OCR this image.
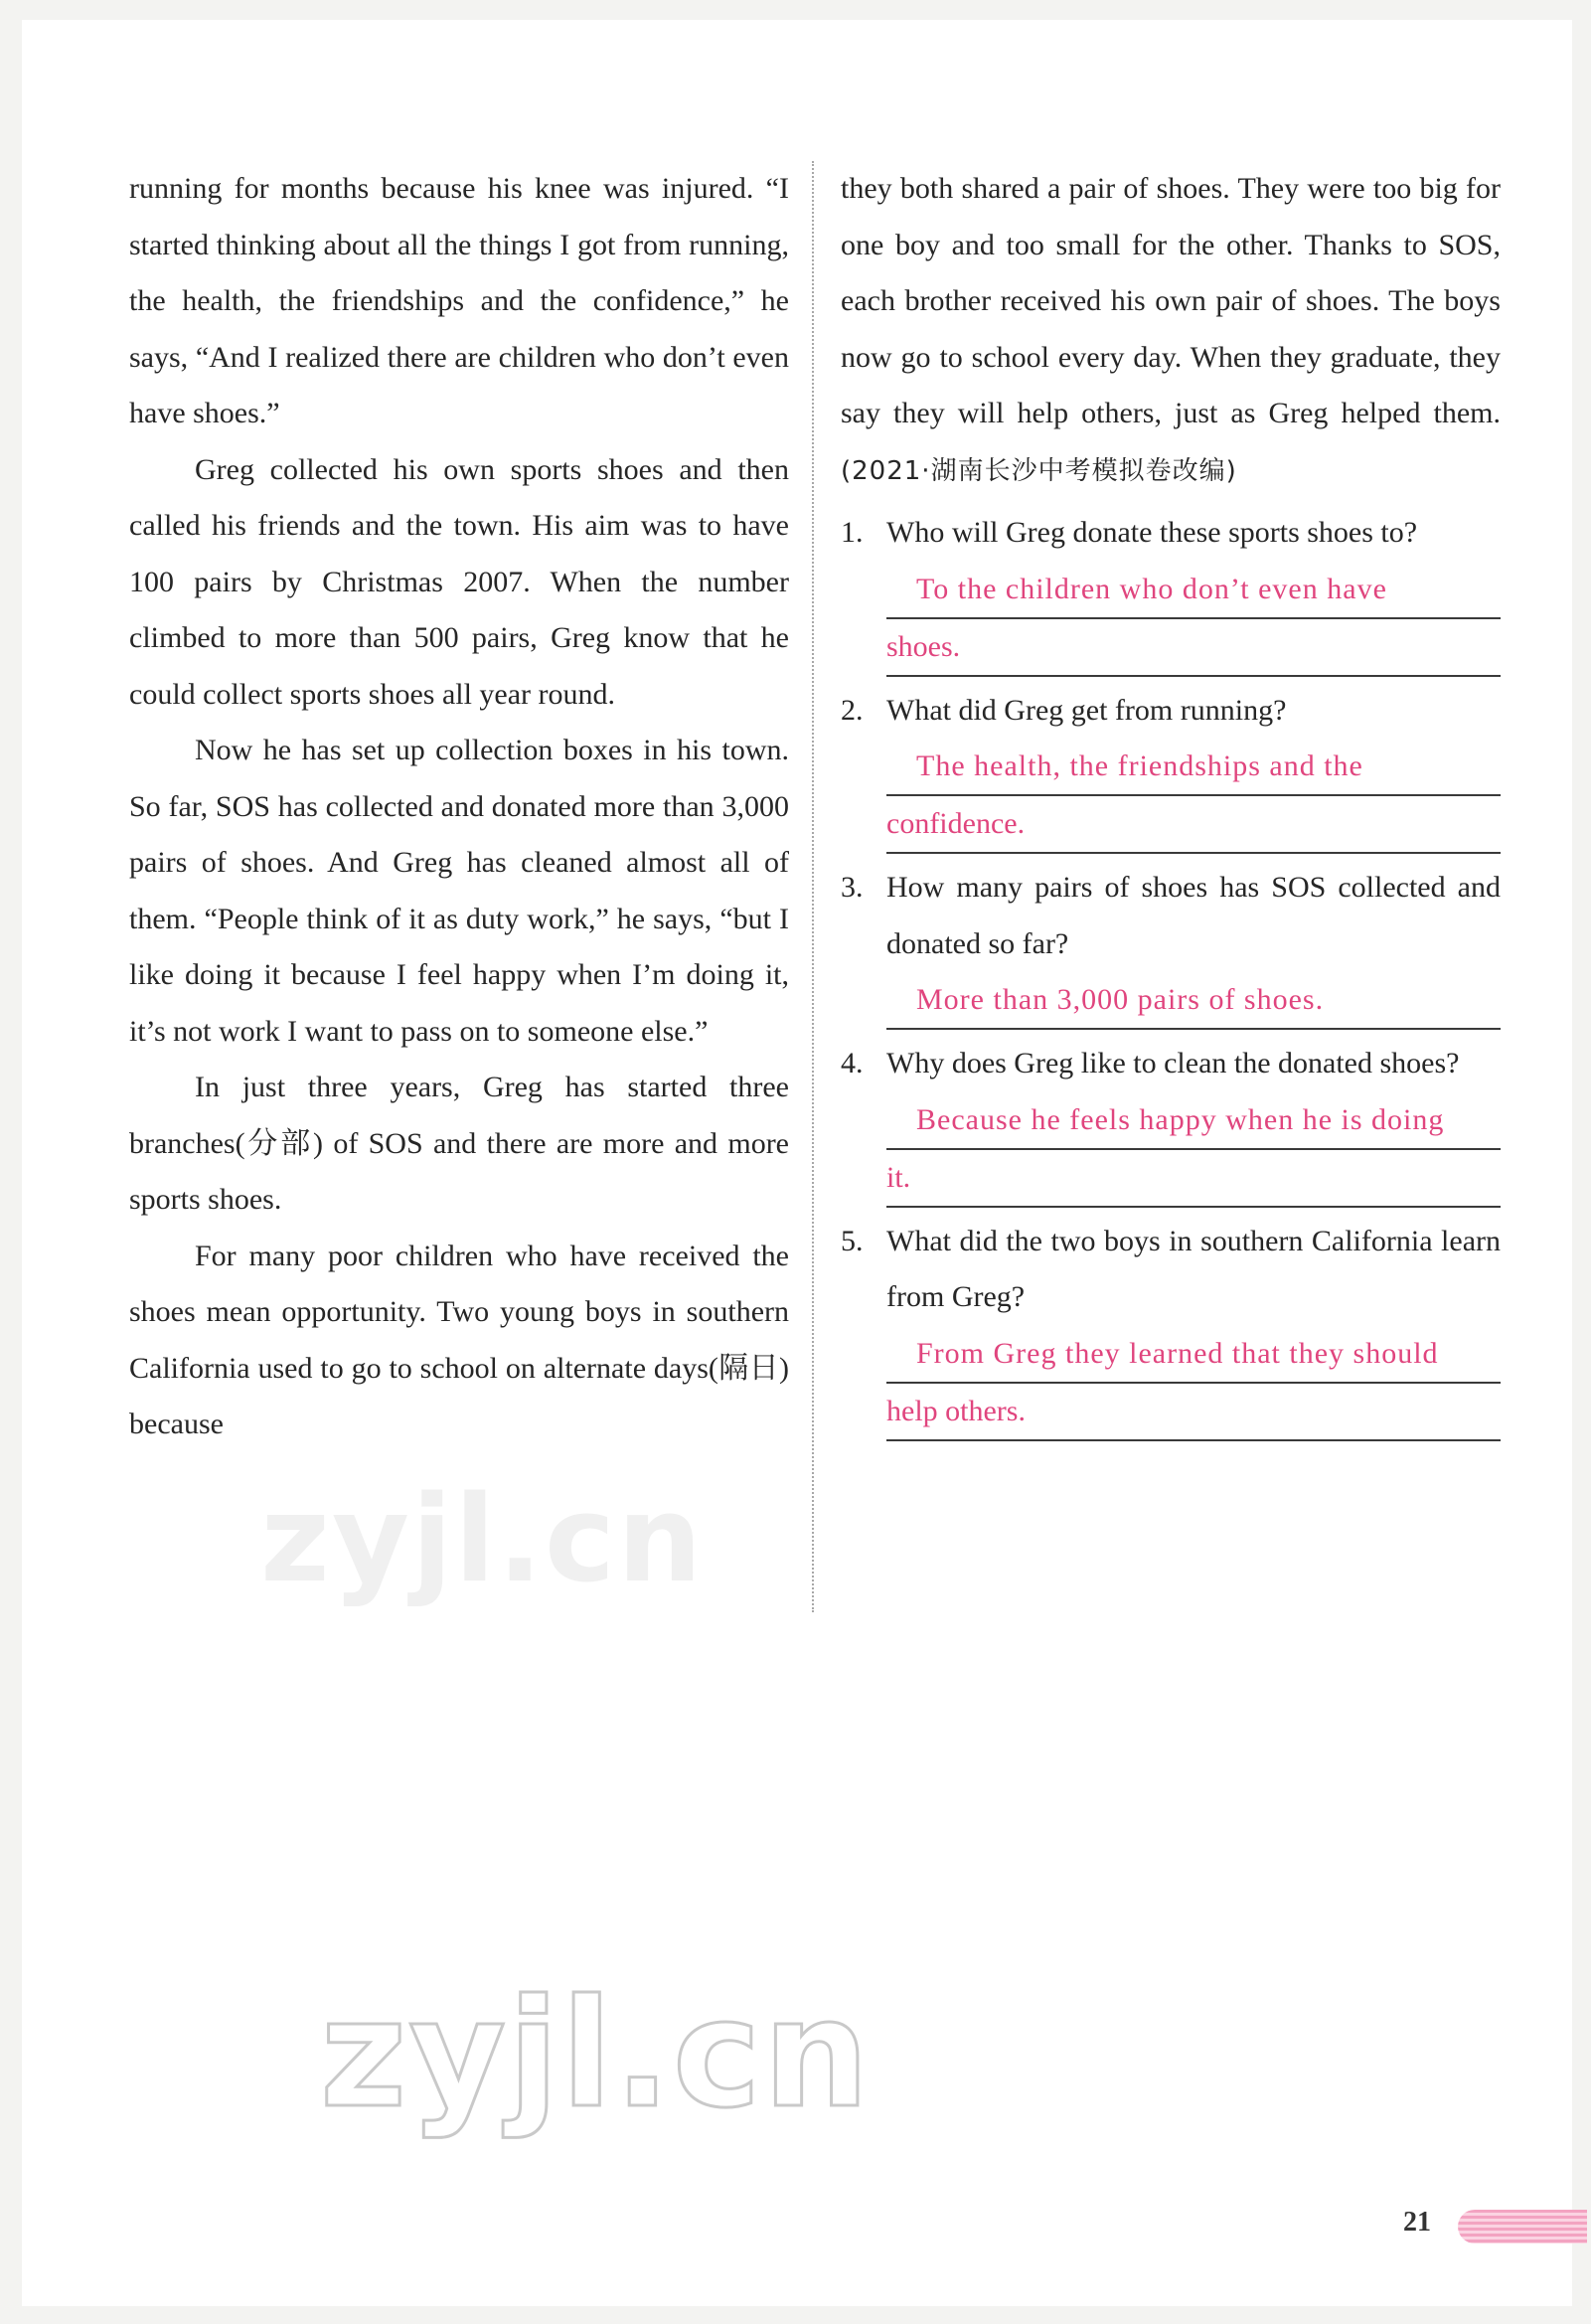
running for months because his knee was injured. “I started thinking about all the things I got from running, the health, the friendships and the confidence,” he says, “And I realized there are children who don’t even have shoes.”

Greg collected his own sports shoes and then called his friends and the town. His aim was to have 100 pairs by Christmas 2007. When the number climbed to more than 500 pairs, Greg know that he could collect sports shoes all year round.

Now he has set up collection boxes in his town. So far, SOS has collected and donated more than 3,000 pairs of shoes. And Greg has cleaned almost all of them. “People think of it as duty work,” he says, “but I like doing it because I feel happy when I’m doing it, it’s not work I want to pass on to someone else.”

In just three years, Greg has started three branches(分部) of SOS and there are more and more sports shoes.

For many poor children who have received the shoes mean opportunity. Two young boys in southern California used to go to school on alternate days(隔日) because

they both shared a pair of shoes. They were too big for one boy and too small for the other. Thanks to SOS, each brother received his own pair of shoes. The boys now go to school every day. When they graduate, they say they will help others, just as Greg helped them.(2021·湖南长沙中考模拟卷改编)

1. Who will Greg donate these sports shoes to?
To the children who don’t even have
shoes.
2. What did Greg get from running?
The health, the friendships and the
confidence.
3. How many pairs of shoes has SOS collected and donated so far?
More than 3,000 pairs of shoes.
4. Why does Greg like to clean the donated shoes?
Because he feels happy when he is doing
it.
5. What did the two boys in southern California learn from Greg?
From Greg they learned that they should
help others.
zyjl.cn
zyjl.cn
21
